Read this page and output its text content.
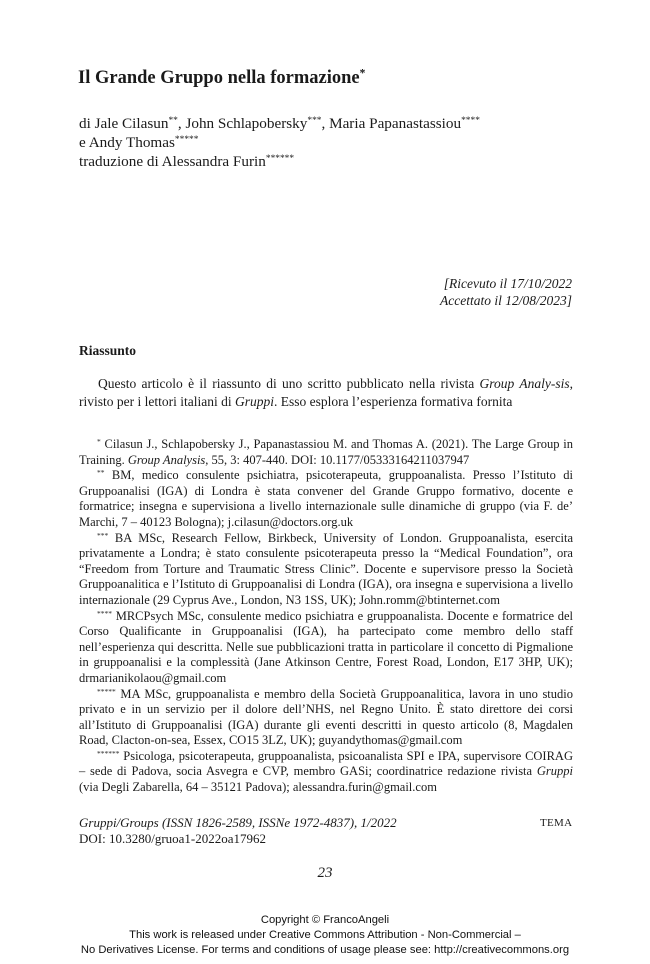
Il Grande Gruppo nella formazione*
di Jale Cilasun**, John Schlapobersky***, Maria Papanastassiou****
e Andy Thomas*****
traduzione di Alessandra Furin******
[Ricevuto il 17/10/2022
Accettato il 12/08/2023]
Riassunto
Questo articolo è il riassunto di uno scritto pubblicato nella rivista Group Analy-sis, rivisto per i lettori italiani di Gruppi. Esso esplora l’esperienza formativa fornita

* Cilasun J., Schlapobersky J., Papanastassiou M. and Thomas A. (2021). The Large Group in Training. Group Analysis, 55, 3: 407-440. DOI: 10.1177/05333164211037947

** BM, medico consulente psichiatra, psicoterapeuta, gruppoanalista. Presso l’Istituto di Gruppoanalisi (IGA) di Londra è stata convener del Grande Gruppo formativo, docente e formatrice; insegna e supervisiona a livello internazionale sulle dinamiche di gruppo (via F. de’ Marchi, 7 – 40123 Bologna); j.cilasun@doctors.org.uk

*** BA MSc, Research Fellow, Birkbeck, University of London. Gruppoanalista, esercita privatamente a Londra; è stato consulente psicoterapeuta presso la “Medical Foundation”, ora “Freedom from Torture and Traumatic Stress Clinic”. Docente e supervisore presso la Società Gruppoanalitica e l’Istituto di Gruppoanalisi di Londra (IGA), ora insegna e supervisiona a livello internazionale (29 Cyprus Ave., London, N3 1SS, UK); John.romm@btinternet.com

**** MRCPsych MSc, consulente medico psichiatra e gruppoanalista. Docente e formatrice del Corso Qualificante in Gruppoanalisi (IGA), ha partecipato come membro dello staff nell’esperienza qui descritta. Nelle sue pubblicazioni tratta in particolare il concetto di Pigmalione in gruppoanalisi e la complessità (Jane Atkinson Centre, Forest Road, London, E17 3HP, UK); drmarianikolaou@gmail.com

***** MA MSc, gruppoanalista e membro della Società Gruppoanalitica, lavora in uno studio privato e in un servizio per il dolore dell’NHS, nel Regno Unito. È stato direttore dei corsi all’Istituto di Gruppoanalisi (IGA) durante gli eventi descritti in questo articolo (8, Magdalen Road, Clacton-on-sea, Essex, CO15 3LZ, UK); guyandythomas@gmail.com

****** Psicologa, psicoterapeuta, gruppoanalista, psicoanalista SPI e IPA, supervisore COIRAG – sede di Padova, socia Asvegra e CVP, membro GASi; coordinatrice redazione rivista Gruppi (via Degli Zabarella, 64 – 35121 Padova); alessandra.furin@gmail.com

Gruppi/Groups (ISSN 1826-2589, ISSNe 1972-4837), 1/2022
DOI: 10.3280/gruoa1-2022oa17962
TEMA
23
Copyright © FrancoAngeli
This work is released under Creative Commons Attribution - Non-Commercial –
No Derivatives License. For terms and conditions of usage please see: http://creativecommons.org
